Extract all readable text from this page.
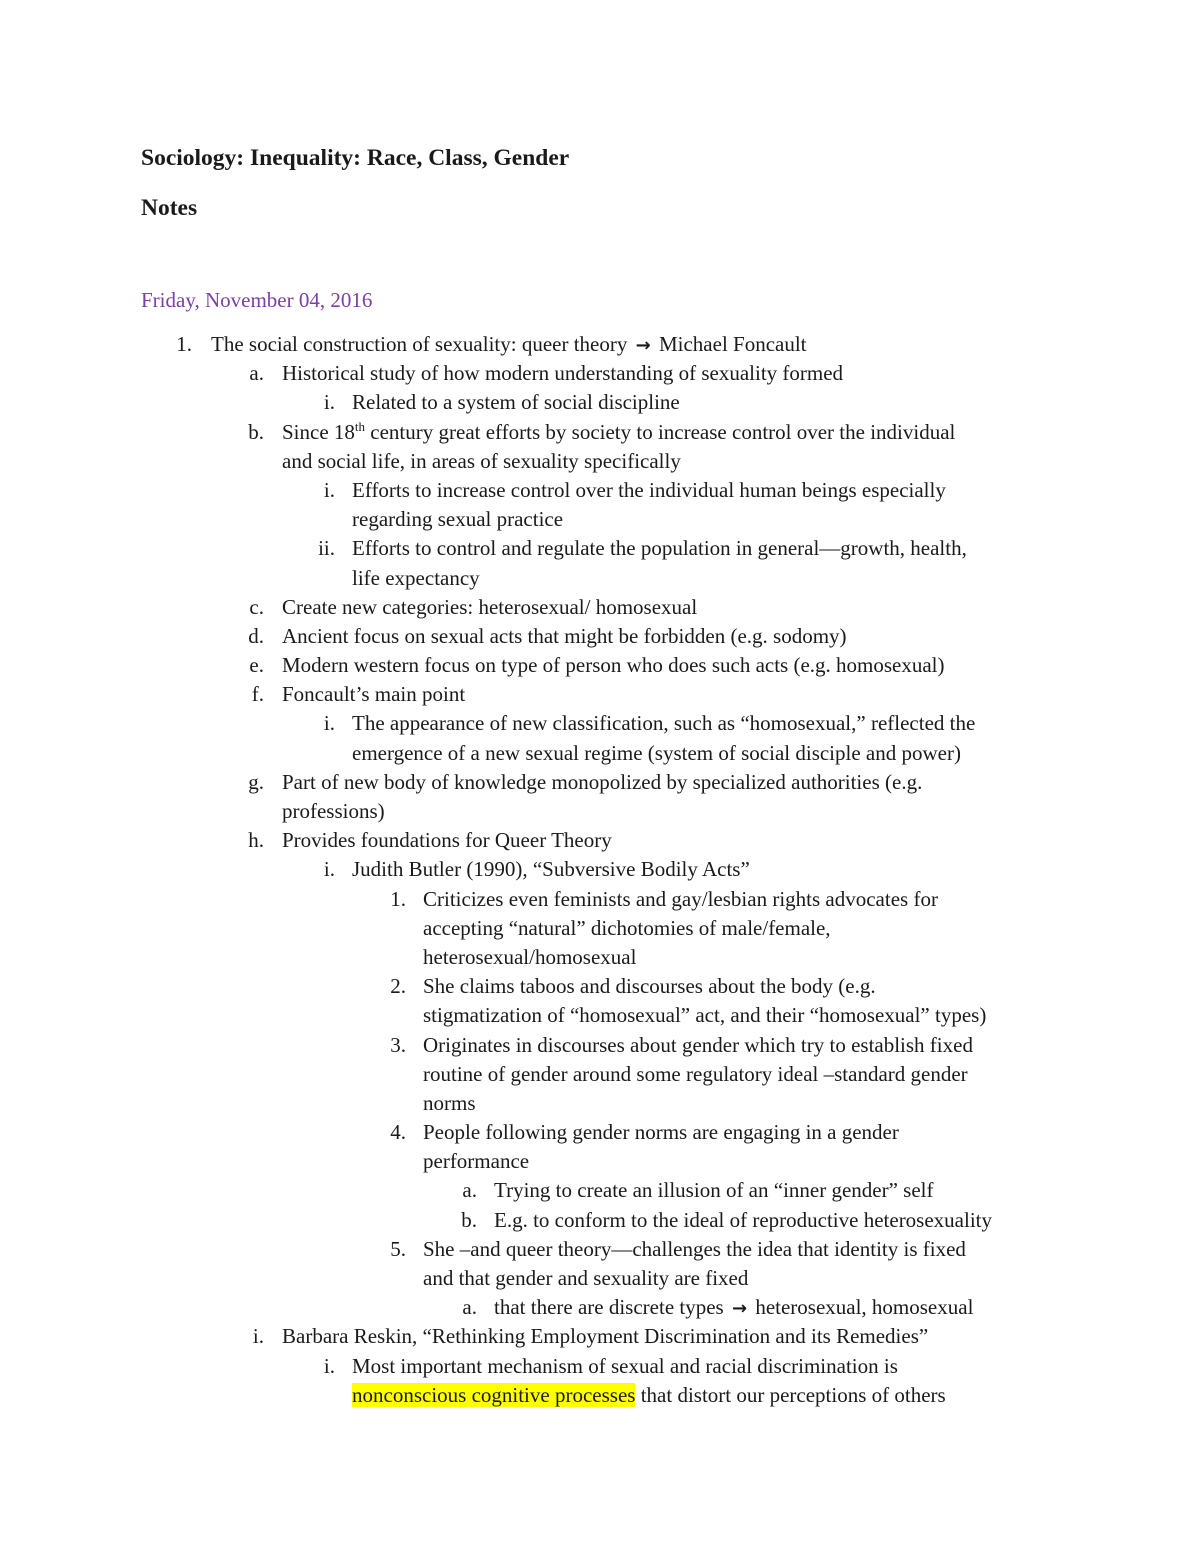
Sociology: Inequality: Race, Class, Gender
Notes
Friday, November 04, 2016
1. The social construction of sexuality: queer theory → Michael Foncault
a. Historical study of how modern understanding of sexuality formed
i. Related to a system of social discipline
b. Since 18th century great efforts by society to increase control over the individual
and social life, in areas of sexuality specifically
i. Efforts to increase control over the individual human beings especially
regarding sexual practice
ii. Efforts to control and regulate the population in general—growth, health,
life expectancy
c. Create new categories: heterosexual/ homosexual
d. Ancient focus on sexual acts that might be forbidden (e.g. sodomy)
e. Modern western focus on type of person who does such acts (e.g. homosexual)
f. Foncault’s main point
i. The appearance of new classification, such as “homosexual,” reflected the
emergence of a new sexual regime (system of social disciple and power)
g. Part of new body of knowledge monopolized by specialized authorities (e.g.
professions)
h. Provides foundations for Queer Theory
i. Judith Butler (1990), “Subversive Bodily Acts”
1. Criticizes even feminists and gay/lesbian rights advocates for
accepting “natural” dichotomies of male/female,
heterosexual/homosexual
2. She claims taboos and discourses about the body (e.g.
stigmatization of “homosexual” act, and their “homosexual” types)
3. Originates in discourses about gender which try to establish fixed
routine of gender around some regulatory ideal –standard gender
norms
4. People following gender norms are engaging in a gender
performance
a. Trying to create an illusion of an “inner gender” self
b. E.g. to conform to the ideal of reproductive heterosexuality
5. She –and queer theory—challenges the idea that identity is fixed
and that gender and sexuality are fixed
a. that there are discrete types → heterosexual, homosexual
i. Barbara Reskin, “Rethinking Employment Discrimination and its Remedies”
i. Most important mechanism of sexual and racial discrimination is
nonconscious cognitive processes that distort our perceptions of others
